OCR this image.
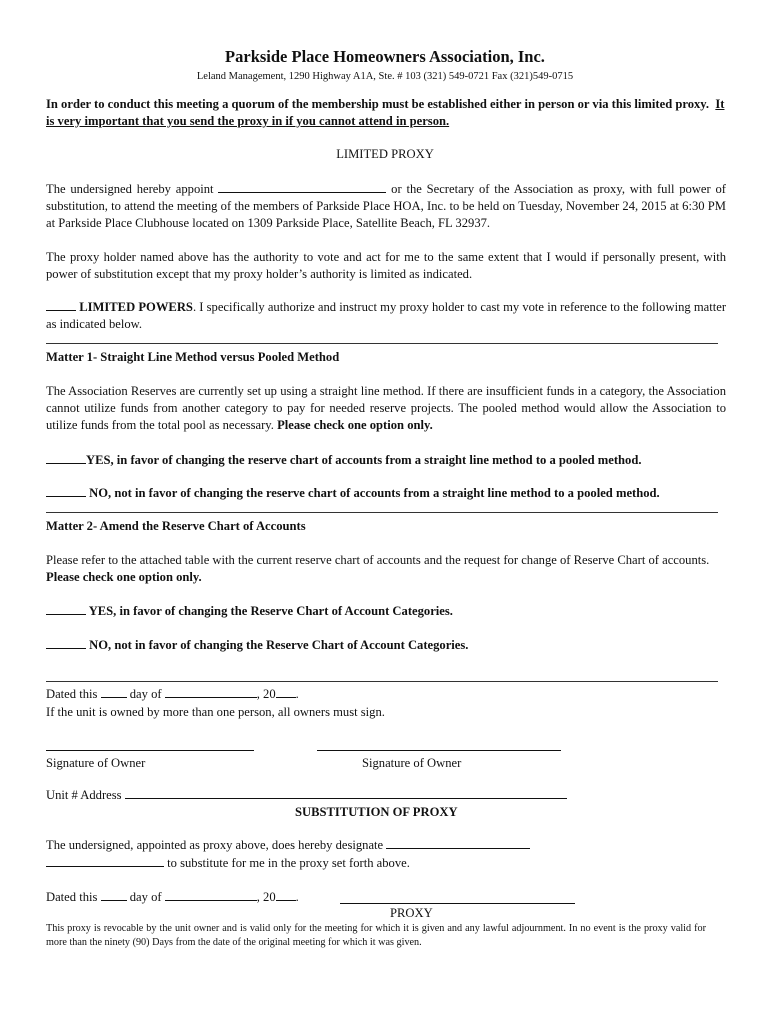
Parkside Place Homeowners Association, Inc.
Leland Management, 1290 Highway A1A, Ste. # 103 (321) 549-0721 Fax (321)549-0715
In order to conduct this meeting a quorum of the membership must be established either in person or via this limited proxy. It is very important that you send the proxy in if you cannot attend in person.
LIMITED PROXY
The undersigned hereby appoint	or the Secretary of the Association as proxy, with full power of substitution, to attend the meeting of the members of Parkside Place HOA, Inc. to be held on Tuesday, November 24, 2015 at 6:30 PM at Parkside Place Clubhouse located on 1309 Parkside Place, Satellite Beach, FL 32937.
The proxy holder named above has the authority to vote and act for me to the same extent that I would if personally present, with power of substitution except that my proxy holder’s authority is limited as indicated.
LIMITED POWERS. I specifically authorize and instruct my proxy holder to cast my vote in reference to the following matter as indicated below.
Matter 1- Straight Line Method versus Pooled Method
The Association Reserves are currently set up using a straight line method. If there are insufficient funds in a category, the Association cannot utilize funds from another category to pay for needed reserve projects. The pooled method would allow the Association to utilize funds from the total pool as necessary. Please check one option only.
YES, in favor of changing the reserve chart of accounts from a straight line method to a pooled method.
NO, not in favor of changing the reserve chart of accounts from a straight line method to a pooled method.
Matter 2- Amend the Reserve Chart of Accounts
Please refer to the attached table with the current reserve chart of accounts and the request for change of Reserve Chart of accounts.  Please check one option only.
YES, in favor of changing the Reserve Chart of Account Categories.
NO, not in favor of changing the Reserve Chart of Account Categories.
Dated this	day of	, 20 .
If the unit is owned by more than one person, all owners must sign.
Signature of Owner	Signature of Owner
Unit # Address
SUBSTITUTION OF PROXY
The undersigned, appointed as proxy above, does hereby designate
to substitute for me in the proxy set forth above.
Dated this	day of	, 20 .
PROXY
This proxy is revocable by the unit owner and is valid only for the meeting for which it is given and any lawful adjournment. In no event is the proxy valid for more than the ninety (90) Days from the date of the original meeting for which it was given.
